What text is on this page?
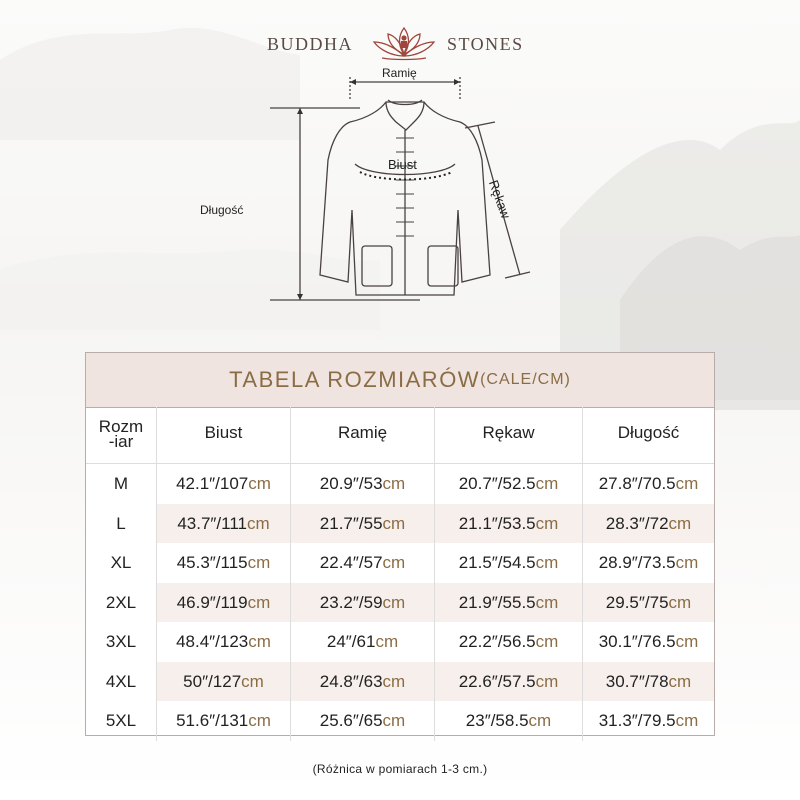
BUDDHA	STONES
Ramię
Biust
Długość	Rękaw
TABELA ROZMIARÓW (CALE/CM)
Rozm
-iar	Biust	Ramię	Rękaw	Długość
M	42.1″/107cm	20.9″/53cm	20.7″/52.5cm	27.8″/70.5cm
L	43.7″/111cm	21.7″/55cm	21.1″/53.5cm	28.3″/72cm
XL	45.3″/115cm	22.4″/57cm	21.5″/54.5cm	28.9″/73.5cm
2XL	46.9″/119cm	23.2″/59cm	21.9″/55.5cm	29.5″/75cm
3XL	48.4″/123cm	24″/61cm	22.2″/56.5cm	30.1″/76.5cm
4XL	50″/127cm	24.8″/63cm	22.6″/57.5cm	30.7″/78cm
5XL	51.6″/131cm	25.6″/65cm	23″/58.5cm	31.3″/79.5cm
(Różnica w pomiarach 1-3 cm.)
